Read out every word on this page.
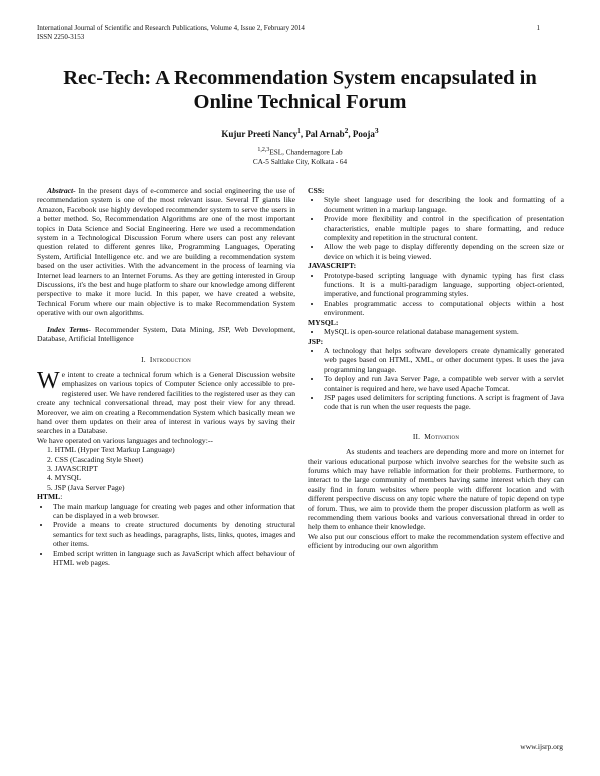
International Journal of Scientific and Research Publications, Volume 4, Issue 2, February 2014
ISSN 2250-3153
1
Rec-Tech: A Recommendation System encapsulated in Online Technical Forum
Kujur Preeti Nancy$^1$, Pal Arnab$^2$, Pooja$^3$
$^{1,2,3}$ESL, Chandernagore Lab
CA-5 Saltlake City, Kolkata - 64

Abstract- In the present days of e-commerce and social engineering the use of recommendation system is one of the most relevant issue. Several IT giants like Amazon, Facebook use highly developed recommender system to serve the users in a better method. So, Recommendation Algorithms are one of the most important topics in Data Science and Social Engineering. Here we used a recommendation system in a Technological Discussion Forum where users can post any relevant question related to different genres like, Programming Languages, Operating System, Artificial Intelligence etc. and we are building a recommendation system based on the user activities. With the advancement in the process of learning via Internet lead learners to an Internet Forums. As they are getting interested in Group Discussions, it's the best and huge platform to share our knowledge among different perspective to make it more lucid. In this paper, we have created a website, Technical Forum where our main objective is to make Recommendation System operative with our own algorithms.

Index Terms- Recommender System, Data Mining, JSP, Web Development, Database, Artificial Intelligence

I. Introduction

We intent to create a technical forum which is a General Discussion website emphasizes on various topics of Computer Science only accessible to pre-registered user. We have rendered facilities to the registered user as they can create any technical conversational thread, may post their view for any thread. Moreover, we aim on creating a Recommendation System which basically mean we hand over them updates on their area of interest in various ways by saving their searches in a Database.

We have operated on various languages and technology:--

1. HTML (Hyper Text Markup Language)
2. CSS (Cascading Style Sheet)
3. JAVASCRIPT
4. MYSQL
5. JSP (Java Server Page)

HTML:

• The main markup language for creating web pages and other information that can be displayed in a web browser.
• Provide a means to create structured documents by denoting structural semantics for text such as headings, paragraphs, lists, links, quotes, images and other items.
• Embed script written in language such as JavaScript which affect behaviour of HTML web pages.

CSS:

• Style sheet language used for describing the look and formatting of a document written in a markup language.
• Provide more flexibility and control in the specification of presentation characteristics, enable multiple pages to share formatting, and reduce complexity and repetition in the structural content.
• Allow the web page to display differently depending on the screen size or device on which it is being viewed.

JAVASCRIPT:

• Prototype-based scripting language with dynamic typing has first class functions. It is a multi-paradigm language, supporting object-oriented, imperative, and functional programming styles.
• Enables programmatic access to computational objects within a host environment.

MYSQL:

• MySQL is open-source relational database management system.

JSP:

• A technology that helps software developers create dynamically generated web pages based on HTML, XML, or other document types. It uses the java programming language.
• To deploy and run Java Server Page, a compatible web server with a servlet container is required and here, we have used Apache Tomcat.
• JSP pages used delimiters for scripting functions. A script is fragment of Java code that is run when the user requests the page.
II. Motivation

As students and teachers are depending more and more on internet for their various educational purpose which involve searches for the website such as forums which may have reliable information for their problems. Furthermore, to interact to the large community of members having same interest which they can easily find in forum websites where people with different location and with different perspective discuss on any topic where the nature of topic depend on type of forum. Thus, we aim to provide them the proper discussion platform as well as recommending them various books and various conversational thread in order to help them to enhance their knowledge.

We also put our conscious effort to make the recommendation system effective and efficient by introducing our own algorithm

www.ijsrp.org
